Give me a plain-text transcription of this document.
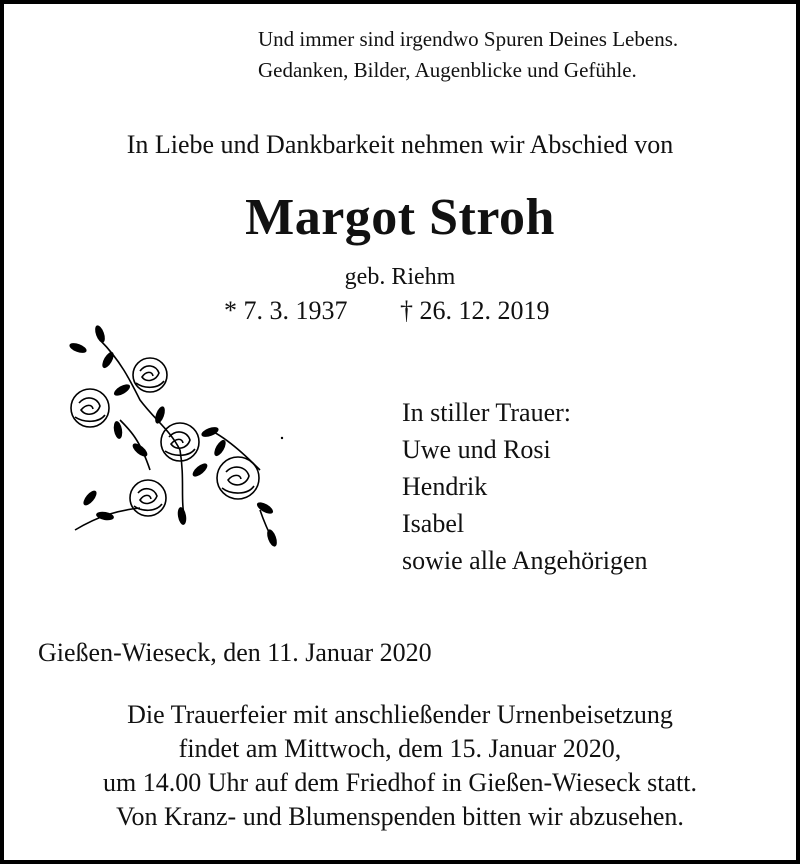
Und immer sind irgendwo Spuren Deines Lebens.
Gedanken, Bilder, Augenblicke und Gefühle.
In Liebe und Dankbarkeit nehmen wir Abschied von
Margot Stroh
geb. Riehm
* 7. 3. 1937 † 26. 12. 2019
In stiller Trauer:
Uwe und Rosi
Hendrik
Isabel
sowie alle Angehörigen
Gießen-Wieseck, den 11. Januar 2020
Die Trauerfeier mit anschließender Urnenbeisetzung
findet am Mittwoch, dem 15. Januar 2020,
um 14.00 Uhr auf dem Friedhof in Gießen-Wieseck statt.
Von Kranz- und Blumenspenden bitten wir abzusehen.
